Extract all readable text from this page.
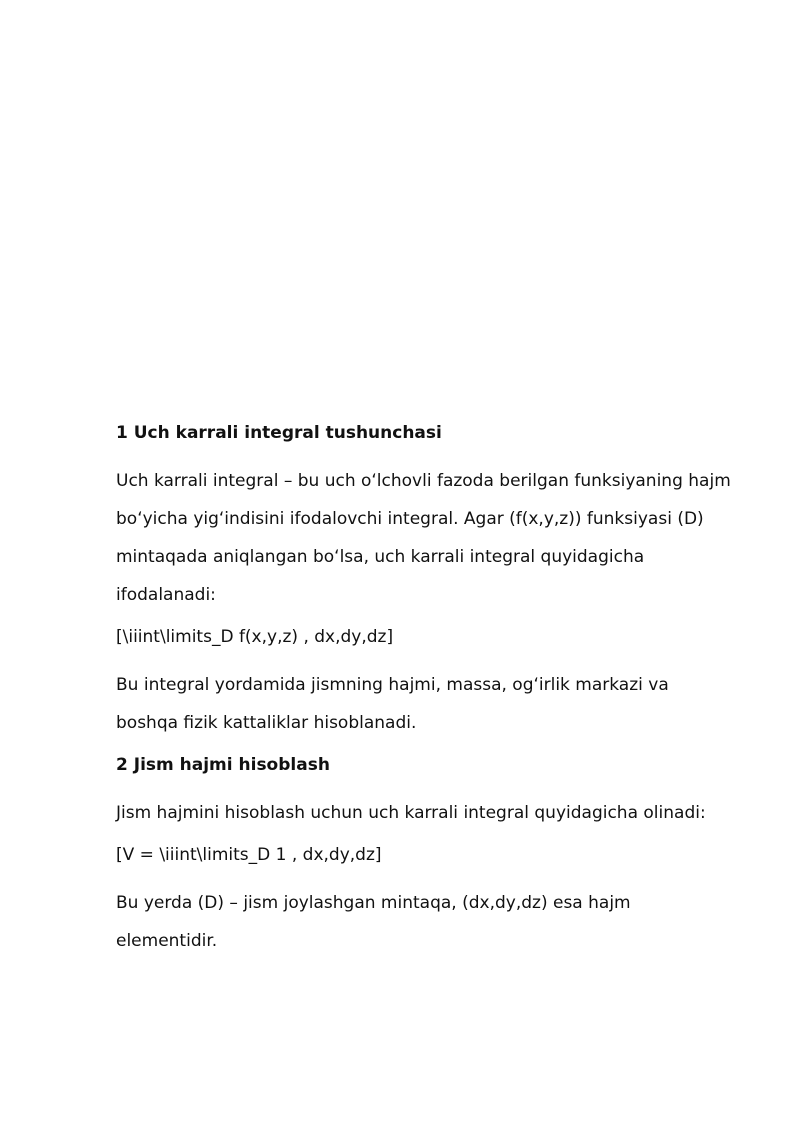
1 Uch karrali integral tushunchasi
Uch karrali integral – bu uch oʻlchovli fazoda berilgan funksiyaning hajm boʻyicha yigʻindisini ifodalovchi integral. Agar (f(x,y,z)) funksiyasi (D) mintaqada aniqlangan boʻlsa, uch karrali integral quyidagicha ifodalanadi:
[\iiint\limits_D f(x,y,z) , dx,dy,dz]
Bu integral yordamida jismning hajmi, massa, ogʻirlik markazi va boshqa fizik kattaliklar hisoblanadi.
2 Jism hajmi hisoblash
Jism hajmini hisoblash uchun uch karrali integral quyidagicha olinadi:
[V = \iiint\limits_D 1 , dx,dy,dz]
Bu yerda (D) – jism joylashgan mintaqa, (dx,dy,dz) esa hajm elementidir.
